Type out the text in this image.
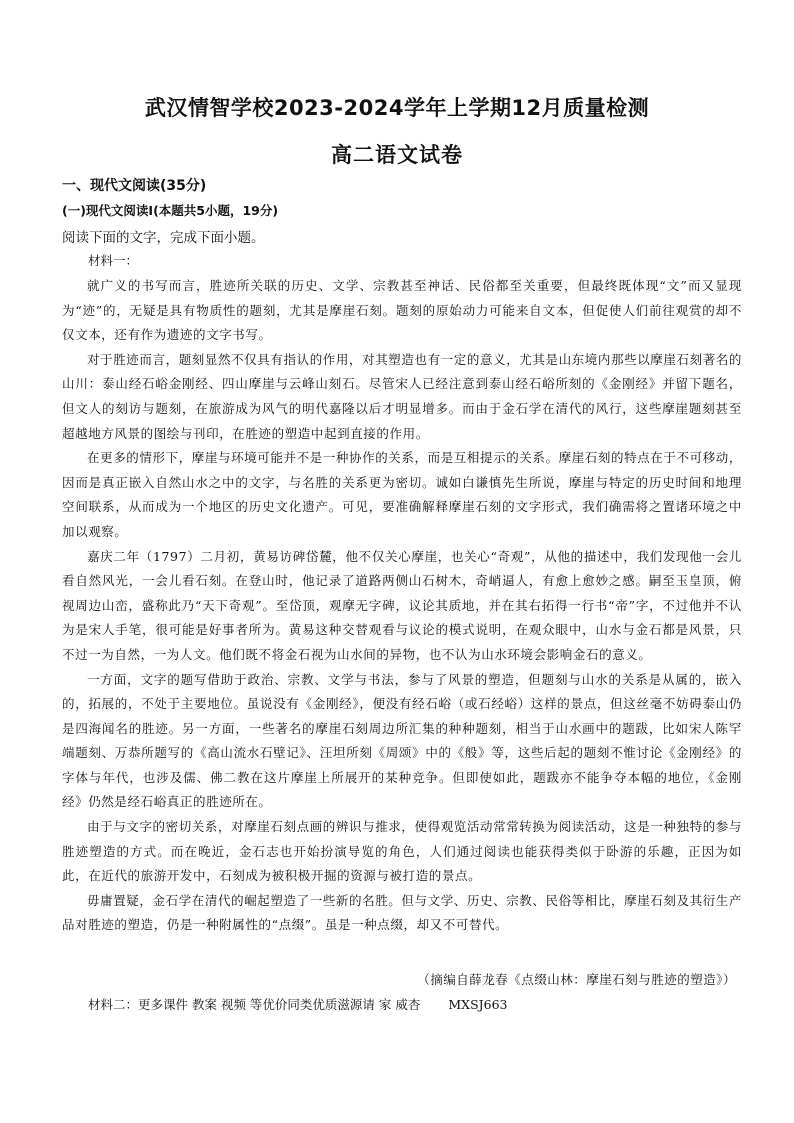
武汉情智学校2023-2024学年上学期12月质量检测
高二语文试卷
一、现代文阅读(35分)
(一)现代文阅读Ⅰ(本题共5小题，19分)
阅读下面的文字，完成下面小题。
材料一：

就广义的书写而言，胜迹所关联的历史、文学、宗教甚至神话、民俗都至关重要，但最终既体现“文”而又显现为“迹”的，无疑是具有物质性的题刻，尤其是摩崖石刻。题刻的原始动力可能来自文本，但促使人们前往观赏的却不仅文本，还有作为遗迹的文字书写。

对于胜迹而言，题刻显然不仅具有指认的作用，对其塑造也有一定的意义，尤其是山东境内那些以摩崖石刻著名的山川：泰山经石峪金刚经、四山摩崖与云峰山刻石。尽管宋人已经注意到泰山经石峪所刻的《金刚经》并留下题名，但文人的刻访与题刻，在旅游成为风气的明代嘉隆以后才明显增多。而由于金石学在清代的风行，这些摩崖题刻甚至超越地方风景的图绘与刊印，在胜迹的塑造中起到直接的作用。

在更多的情形下，摩崖与环境可能并不是一种协作的关系，而是互相提示的关系。摩崖石刻的特点在于不可移动，因而是真正嵌入自然山水之中的文字，与名胜的关系更为密切。诚如白谦慎先生所说，摩崖与特定的历史时间和地理空间联系，从而成为一个地区的历史文化遗产。可见，要准确解释摩崖石刻的文字形式，我们确需将之置诸环境之中加以观察。

嘉庆二年（1797）二月初，黄易访碑岱麓，他不仅关心摩崖，也关心“奇观”，从他的描述中，我们发现他一会儿看自然风光，一会儿看石刻。在登山时，他记录了道路两侧山石树木，奇峭逼人，有愈上愈妙之感。嗣至玉皇顶，俯视周边山峦，盛称此乃“天下奇观”。至岱顶，观摩无字碑，议论其质地，并在其右拓得一行书“帝”字，不过他并不认为是宋人手笔，很可能是好事者所为。黄易这种交替观看与议论的模式说明，在观众眼中，山水与金石都是风景，只不过一为自然，一为人文。他们既不将金石视为山水间的异物，也不认为山水环境会影响金石的意义。

一方面，文字的题写借助于政治、宗教、文学与书法，参与了风景的塑造，但题刻与山水的关系是从属的，嵌入的，拓展的，不处于主要地位。虽说没有《金刚经》，便没有经石峪（或石经峪）这样的景点，但这丝毫不妨碍泰山仍是四海闻名的胜迹。另一方面，一些著名的摩崖石刻周边所汇集的种种题刻，相当于山水画中的题跋，比如宋人陈罕端题刻、万恭所题写的《高山流水石壁记》、汪坦所刻《周颂》中的《般》等，这些后起的题刻不惟讨论《金刚经》的字体与年代，也涉及儒、佛二教在这片摩崖上所展开的某种竞争。但即使如此，题跋亦不能争夺本幅的地位，《金刚经》仍然是经石峪真正的胜迹所在。

由于与文字的密切关系，对摩崖石刻点画的辨识与推求，使得观览活动常常转换为阅读活动，这是一种独特的参与胜迹塑造的方式。而在晚近，金石志也开始扮演导览的角色，人们通过阅读也能获得类似于卧游的乐趣，正因为如此，在近代的旅游开发中，石刻成为被积极开掘的资源与被打造的景点。

毋庸置疑，金石学在清代的崛起塑造了一些新的名胜。但与文学、历史、宗教、民俗等相比，摩崖石刻及其衍生产品对胜迹的塑造，仍是一种附属性的“点缀”。虽是一种点缀，却又不可替代。

（摘编自薛龙春《点缀山林：摩崖石刻与胜迹的塑造》）
材料二：更多课件 教案 视频 等优价同类优质滋源请 家 威杏 MXSJ663
